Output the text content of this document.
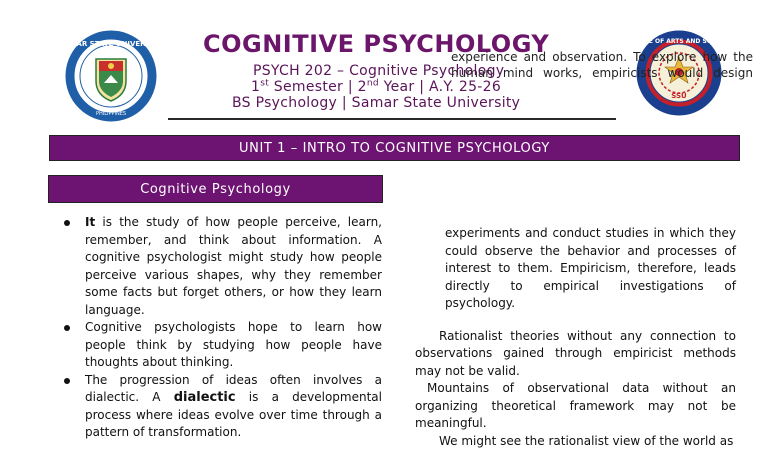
SAMAR STATE UNIVERSITY
PHILIPPINES
COLLEGE OF ARTS AND SCIENCES
SSU
COGNITIVE PSYCHOLOGY
experience and observation. To explore how the
human mind works, empiricists would design
PSYCH 202 – Cognitive Psychology
1st Semester | 2nd Year | A.Y. 25-26
BS Psychology | Samar State University
UNIT 1 – INTRO TO COGNITIVE PSYCHOLOGY
Cognitive Psychology
It is the study of how people perceive, learn, remember, and think about information. A cognitive psychologist might study how people perceive various shapes, why they remember some facts but forget others, or how they learn language.
Cognitive psychologists hope to learn how people think by studying how people have thoughts about thinking.
The progression of ideas often involves a dialectic. A dialectic is a developmental process where ideas evolve over time through a pattern of transformation.
experiments and conduct studies in which they could observe the behavior and processes of interest to them. Empiricism, therefore, leads directly to empirical investigations of psychology.

Rationalist theories without any connection to observations gained through empiricist methods may not be valid.

Mountains of observational data without an organizing theoretical framework may not be meaningful.

We might see the rationalist view of the world as
